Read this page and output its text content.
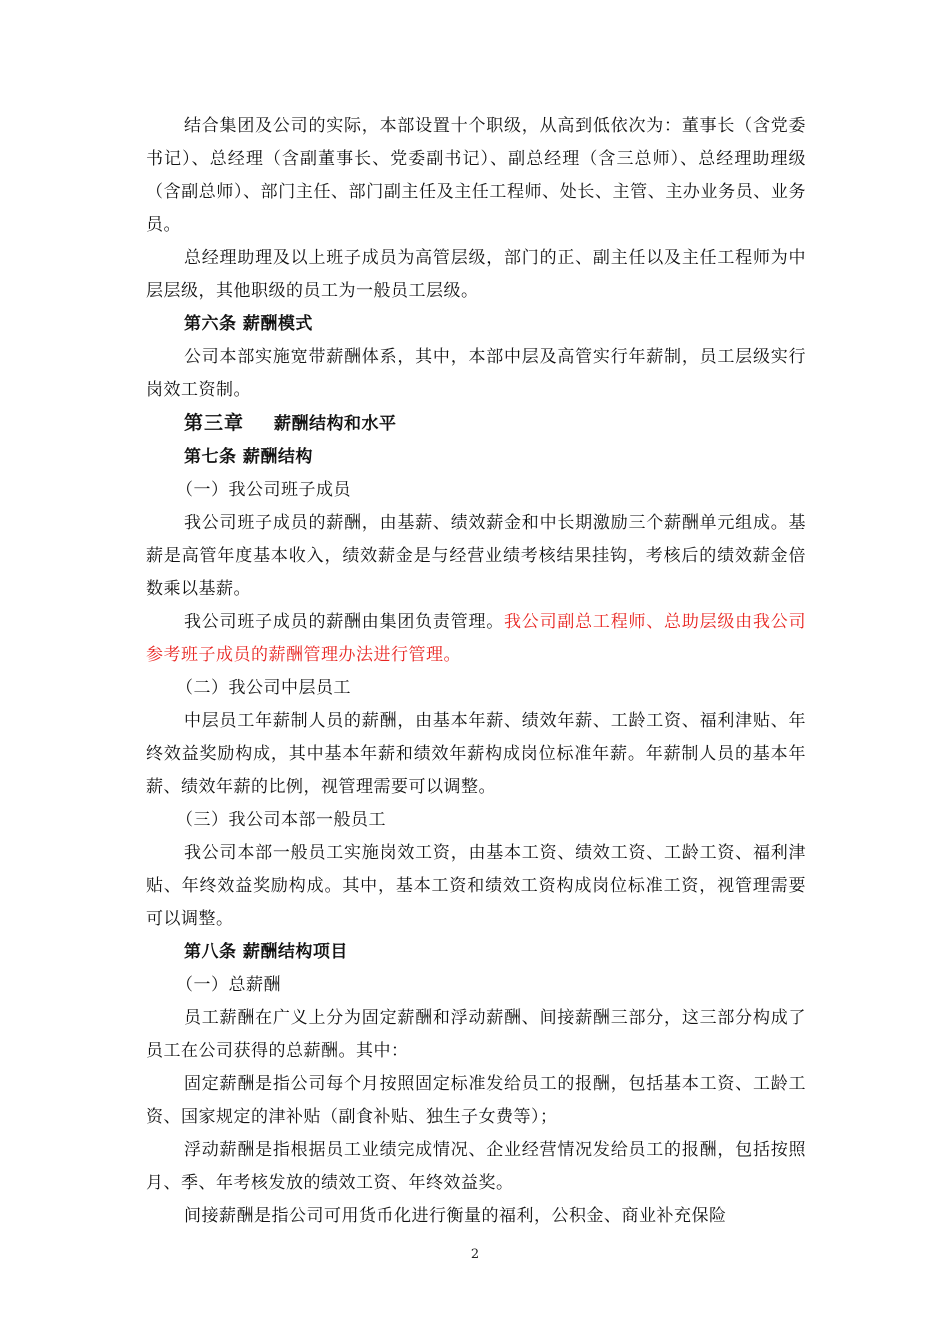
结合集团及公司的实际，本部设置十个职级，从高到低依次为：董事长（含党委书记）、总经理（含副董事长、党委副书记）、副总经理（含三总师）、总经理助理级（含副总师）、部门主任、部门副主任及主任工程师、处长、主管、主办业务员、业务员。

总经理助理及以上班子成员为高管层级，部门的正、副主任以及主任工程师为中层层级，其他职级的员工为一般员工层级。

第六条 薪酬模式

公司本部实施宽带薪酬体系，其中，本部中层及高管实行年薪制，员工层级实行岗效工资制。

第三章 薪酬结构和水平

第七条 薪酬结构

（一）我公司班子成员

我公司班子成员的薪酬，由基薪、绩效薪金和中长期激励三个薪酬单元组成。基薪是高管年度基本收入，绩效薪金是与经营业绩考核结果挂钩，考核后的绩效薪金倍数乘以基薪。

我公司班子成员的薪酬由集团负责管理。我公司副总工程师、总助层级由我公司参考班子成员的薪酬管理办法进行管理。

（二）我公司中层员工

中层员工年薪制人员的薪酬，由基本年薪、绩效年薪、工龄工资、福利津贴、年终效益奖励构成，其中基本年薪和绩效年薪构成岗位标准年薪。年薪制人员的基本年薪、绩效年薪的比例，视管理需要可以调整。

（三）我公司本部一般员工

我公司本部一般员工实施岗效工资，由基本工资、绩效工资、工龄工资、福利津贴、年终效益奖励构成。其中，基本工资和绩效工资构成岗位标准工资，视管理需要可以调整。

第八条 薪酬结构项目

（一）总薪酬

员工薪酬在广义上分为固定薪酬和浮动薪酬、间接薪酬三部分，这三部分构成了员工在公司获得的总薪酬。其中：

固定薪酬是指公司每个月按照固定标准发给员工的报酬，包括基本工资、工龄工资、国家规定的津补贴（副食补贴、独生子女费等）；

浮动薪酬是指根据员工业绩完成情况、企业经营情况发给员工的报酬，包括按照月、季、年考核发放的绩效工资、年终效益奖。

间接薪酬是指公司可用货币化进行衡量的福利，公积金、商业补充保险

2
